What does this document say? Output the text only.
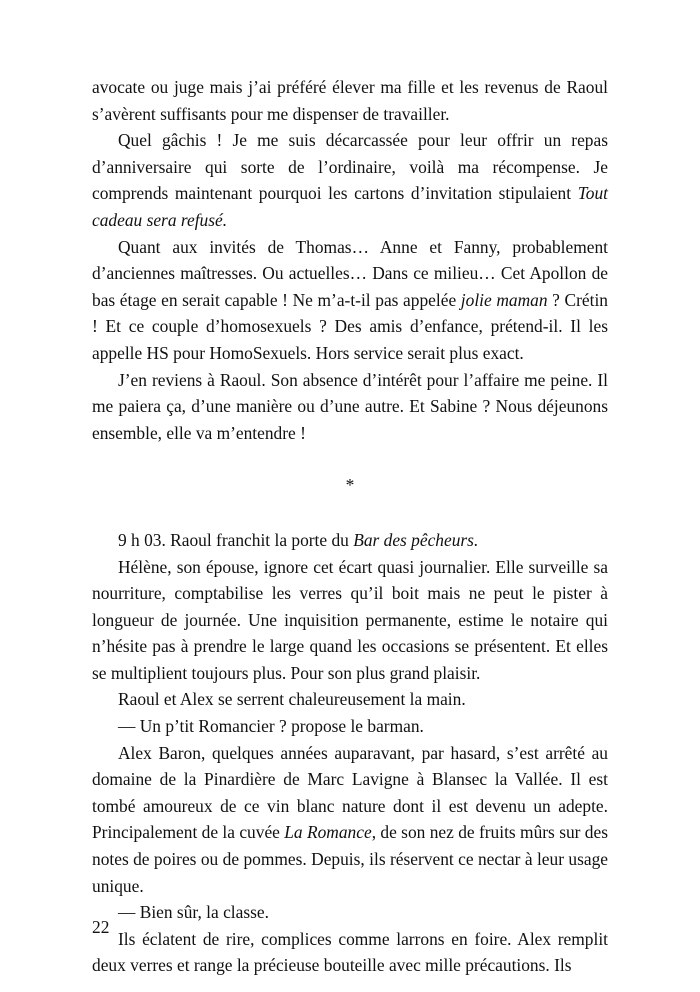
avocate ou juge mais j’ai préféré élever ma fille et les revenus de Raoul s’avèrent suffisants pour me dispenser de travailler.

Quel gâchis ! Je me suis décarcassée pour leur offrir un repas d’anniversaire qui sorte de l’ordinaire, voilà ma récompense. Je comprends maintenant pourquoi les cartons d’invitation stipulaient Tout cadeau sera refusé.

Quant aux invités de Thomas… Anne et Fanny, probablement d’anciennes maîtresses. Ou actuelles… Dans ce milieu… Cet Apollon de bas étage en serait capable ! Ne m’a-t-il pas appelée jolie maman ? Crétin ! Et ce couple d’homosexuels ? Des amis d’enfance, prétend-il. Il les appelle HS pour HomoSexuels. Hors service serait plus exact.

J’en reviens à Raoul. Son absence d’intérêt pour l’affaire me peine. Il me paiera ça, d’une manière ou d’une autre. Et Sabine ? Nous déjeunons ensemble, elle va m’entendre !

*

9 h 03. Raoul franchit la porte du Bar des pêcheurs.

Hélène, son épouse, ignore cet écart quasi journalier. Elle surveille sa nourriture, comptabilise les verres qu’il boit mais ne peut le pister à longueur de journée. Une inquisition permanente, estime le notaire qui n’hésite pas à prendre le large quand les occasions se présentent. Et elles se multiplient toujours plus. Pour son plus grand plaisir.

Raoul et Alex se serrent chaleureusement la main.

— Un p’tit Romancier ? propose le barman.

Alex Baron, quelques années auparavant, par hasard, s’est arrêté au domaine de la Pinardière de Marc Lavigne à Blansec la Vallée. Il est tombé amoureux de ce vin blanc nature dont il est devenu un adepte. Principalement de la cuvée La Romance, de son nez de fruits mûrs sur des notes de poires ou de pommes. Depuis, ils réservent ce nectar à leur usage unique.

— Bien sûr, la classe.

Ils éclatent de rire, complices comme larrons en foire. Alex remplit deux verres et range la précieuse bouteille avec mille précautions. Ils

22
